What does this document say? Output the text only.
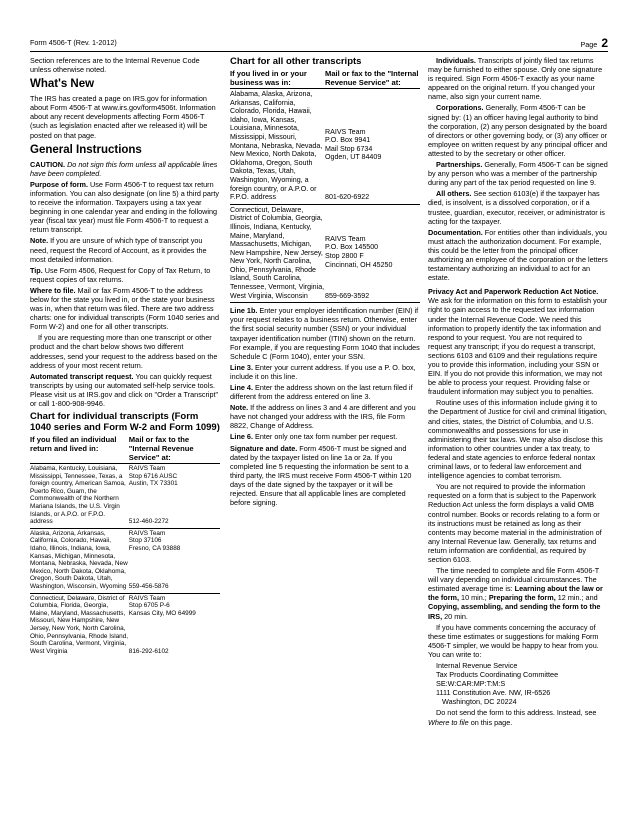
Form 4506-T (Rev. 1-2012)	Page 2

Section references are to the Internal Revenue Code unless otherwise noted.

What's New

The IRS has created a page on IRS.gov for information about Form 4506-T at www.irs.gov/form4506t. Information about any recent developments affecting Form 4506-T (such as legislation enacted after we released it) will be posted on that page.

General Instructions

CAUTION. Do not sign this form unless all applicable lines have been completed.

Purpose of form. Use Form 4506-T to request tax return information. You can also designate (on line 5) a third party to receive the information. Taxpayers using a tax year beginning in one calendar year and ending in the following year (fiscal tax year) must file Form 4506-T to request a return transcript.

Note. If you are unsure of which type of transcript you need, request the Record of Account, as it provides the most detailed information.

Tip. Use Form 4506, Request for Copy of Tax Return, to request copies of tax returns.

Where to file. Mail or fax Form 4506-T to the address below for the state you lived in, or the state your business was in, when that return was filed. There are two address charts: one for individual transcripts (Form 1040 series and Form W-2) and one for all other transcripts.

If you are requesting more than one transcript or other product and the chart below shows two different addresses, send your request to the address based on the address of your most recent return.

Automated transcript request. You can quickly request transcripts by using our automated self-help service tools. Please visit us at IRS.gov and click on "Order a Transcript" or call 1-800-908-9946.

Chart for individual transcripts (Form 1040 series and Form W-2 and Form 1099)
If you filed an individual return and lived in:
Mail or fax to the "Internal Revenue Service" at:
Alabama, Kentucky, Louisiana, Mississippi, Tennessee, Texas, a foreign country, American Samoa, Puerto Rico, Guam, the Commonwealth of the Northern Mariana Islands, the U.S. Virgin Islands, or A.P.O. or F.P.O. address
RAIVS Team
Stop 6716 AUSC
Austin, TX 73301
512-460-2272
Alaska, Arizona, Arkansas, California, Colorado, Hawaii, Idaho, Illinois, Indiana, Iowa, Kansas, Michigan, Minnesota, Montana, Nebraska, Nevada, New Mexico, North Dakota, Oklahoma, Oregon, South Dakota, Utah, Washington, Wisconsin, Wyoming
RAIVS Team
Stop 37106
Fresno, CA 93888
559-456-5876
Connecticut, Delaware, District of Columbia, Florida, Georgia, Maine, Maryland, Massachusetts, Missouri, New Hampshire, New Jersey, New York, North Carolina, Ohio, Pennsylvania, Rhode Island, South Carolina, Vermont, Virginia, West Virginia
RAIVS Team
Stop 6705 P-6
Kansas City, MO 64999
816-292-6102
Chart for all other transcripts
If you lived in or your business was in:
Mail or fax to the "Internal Revenue Service" at:
Alabama, Alaska, Arizona, Arkansas, California, Colorado, Florida, Hawaii, Idaho, Iowa, Kansas, Louisiana, Minnesota, Mississippi, Missouri, Montana, Nebraska, Nevada, New Mexico, North Dakota, Oklahoma, Oregon, South Dakota, Texas, Utah, Washington, Wyoming, a foreign country, or A.P.O. or F.P.O. address
RAIVS Team
P.O. Box 9941
Mail Stop 6734
Ogden, UT 84409
801-620-6922
Connecticut, Delaware, District of Columbia, Georgia, Illinois, Indiana, Kentucky, Maine, Maryland, Massachusetts, Michigan, New Hampshire, New Jersey, New York, North Carolina, Ohio, Pennsylvania, Rhode Island, South Carolina, Tennessee, Vermont, Virginia, West Virginia, Wisconsin
RAIVS Team
P.O. Box 145500
Stop 2800 F
Cincinnati, OH 45250
859-669-3592

Line 1b. Enter your employer identification number (EIN) if your request relates to a business return. Otherwise, enter the first social security number (SSN) or your individual taxpayer identification number (ITIN) shown on the return. For example, if you are requesting Form 1040 that includes Schedule C (Form 1040), enter your SSN.

Line 3. Enter your current address. If you use a P. O. box, include it on this line.

Line 4. Enter the address shown on the last return filed if different from the address entered on line 3.

Note. If the address on lines 3 and 4 are different and you have not changed your address with the IRS, file Form 8822, Change of Address.

Line 6. Enter only one tax form number per request.

Signature and date. Form 4506-T must be signed and dated by the taxpayer listed on line 1a or 2a. If you completed line 5 requesting the information be sent to a third party, the IRS must receive Form 4506-T within 120 days of the date signed by the taxpayer or it will be rejected. Ensure that all applicable lines are completed before signing.

Individuals. Transcripts of jointly filed tax returns may be furnished to either spouse. Only one signature is required. Sign Form 4506-T exactly as your name appeared on the original return. If you changed your name, also sign your current name.

Corporations. Generally, Form 4506-T can be signed by: (1) an officer having legal authority to bind the corporation, (2) any person designated by the board of directors or other governing body, or (3) any officer or employee on written request by any principal officer and attested to by the secretary or other officer.

Partnerships. Generally, Form 4506-T can be signed by any person who was a member of the partnership during any part of the tax period requested on line 9.

All others. See section 6103(e) if the taxpayer has died, is insolvent, is a dissolved corporation, or if a trustee, guardian, executor, receiver, or administrator is acting for the taxpayer.

Documentation. For entities other than individuals, you must attach the authorization document. For example, this could be the letter from the principal officer authorizing an employee of the corporation or the letters testamentary authorizing an individual to act for an estate.

Privacy Act and Paperwork Reduction Act Notice. We ask for the information on this form to establish your right to gain access to the requested tax information under the Internal Revenue Code. We need this information to properly identify the tax information and respond to your request. You are not required to request any transcript; if you do request a transcript, sections 6103 and 6109 and their regulations require you to provide this information, including your SSN or EIN. If you do not provide this information, we may not be able to process your request. Providing false or fraudulent information may subject you to penalties.

Routine uses of this information include giving it to the Department of Justice for civil and criminal litigation, and cities, states, the District of Columbia, and U.S. commonwealths and possessions for use in administering their tax laws. We may also disclose this information to other countries under a tax treaty, to federal and state agencies to enforce federal nontax criminal laws, or to federal law enforcement and intelligence agencies to combat terrorism.

You are not required to provide the information requested on a form that is subject to the Paperwork Reduction Act unless the form displays a valid OMB control number. Books or records relating to a form or its instructions must be retained as long as their contents may become material in the administration of any Internal Revenue law. Generally, tax returns and return information are confidential, as required by section 6103.

The time needed to complete and file Form 4506-T will vary depending on individual circumstances. The estimated average time is: Learning about the law or the form, 10 min.; Preparing the form, 12 min.; and Copying, assembling, and sending the form to the IRS, 20 min.

If you have comments concerning the accuracy of these time estimates or suggestions for making Form 4506-T simpler, we would be happy to hear from you. You can write to:

Internal Revenue Service
Tax Products Coordinating Committee
SE:W:CAR:MP:T:M:S
1111 Constitution Ave. NW, IR-6526
Washington, DC 20224

Do not send the form to this address. Instead, see Where to file on this page.
